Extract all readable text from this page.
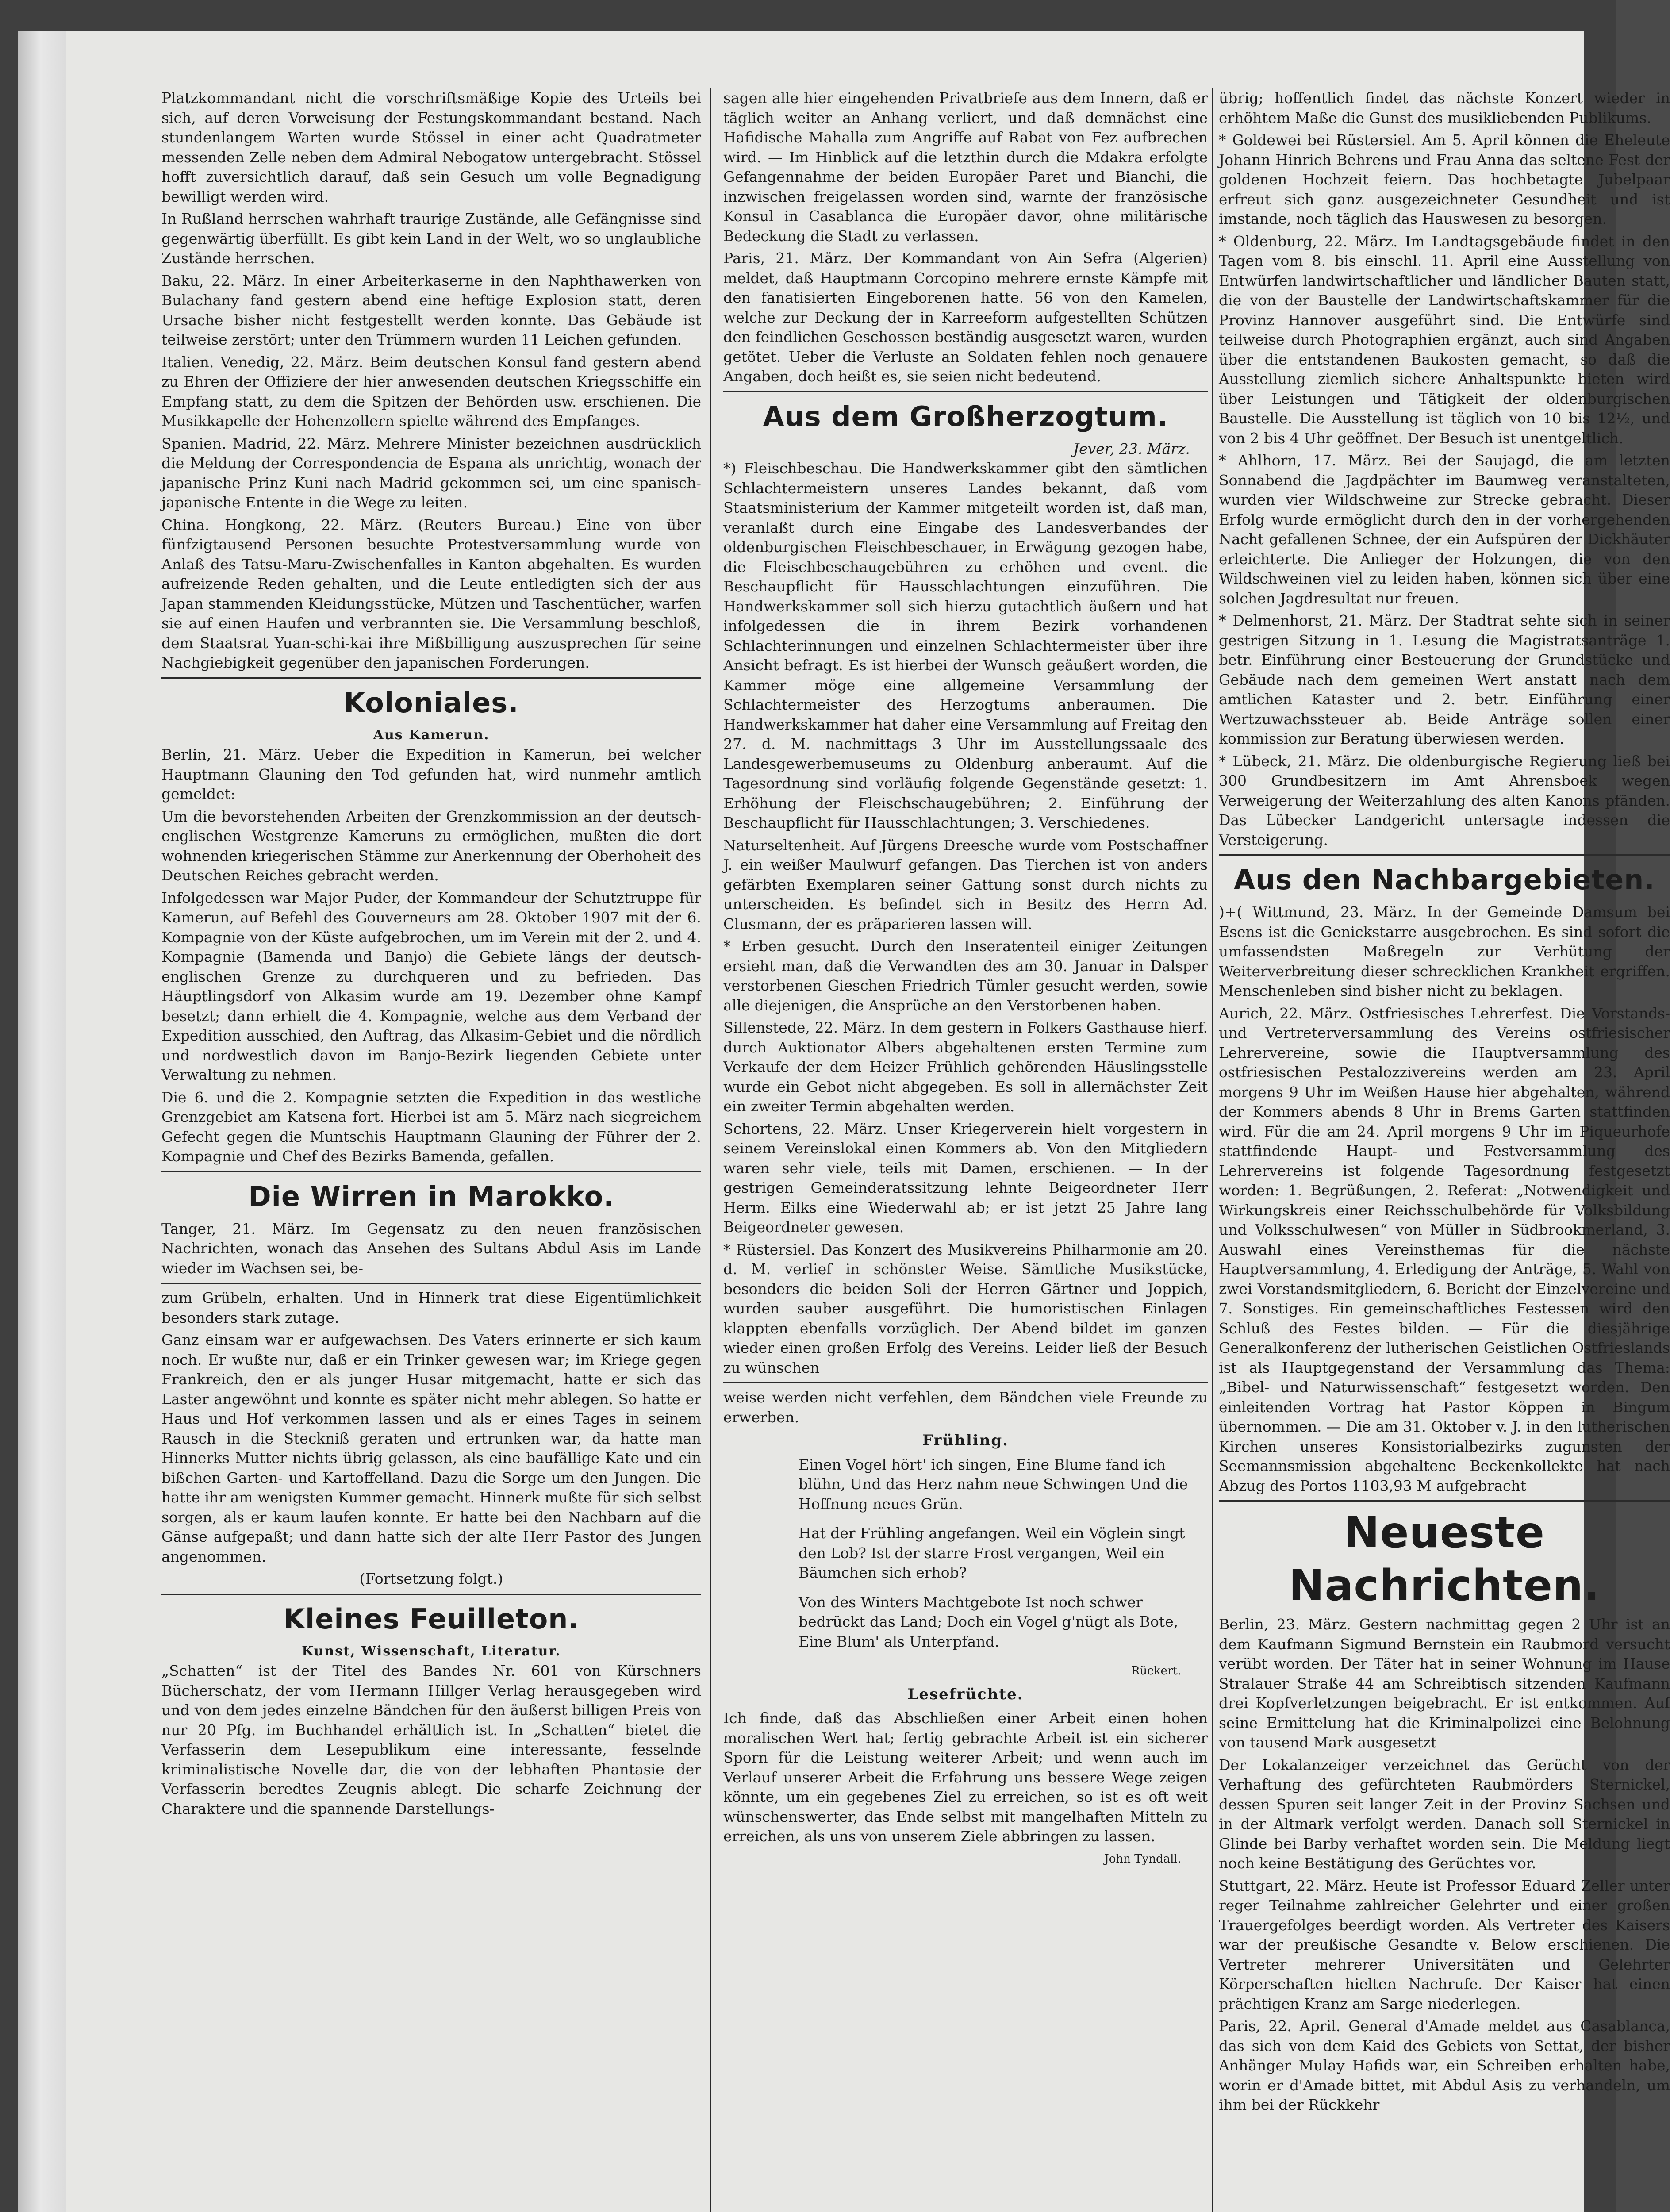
Platzkommandant nicht die vorschriftsmäßige Kopie des Urteils bei sich, auf deren Vorweisung der Festungskommandant bestand. Nach stundenlangem Warten wurde Stössel in einer acht Quadratmeter messenden Zelle neben dem Admiral Nebogatow untergebracht. Stössel hofft zuversichtlich darauf, daß sein Gesuch um volle Begnadigung bewilligt werden wird.

In Rußland herrschen wahrhaft traurige Zustände, alle Gefängnisse sind gegenwärtig überfüllt. Es gibt kein Land in der Welt, wo so unglaubliche Zustände herrschen.

Baku, 22. März. In einer Arbeiterkaserne in den Naphthawerken von Bulachany fand gestern abend eine heftige Explosion statt, deren Ursache bisher nicht festgestellt werden konnte. Das Gebäude ist teilweise zerstört; unter den Trümmern wurden 11 Leichen gefunden.

Italien. Venedig, 22. März. Beim deutschen Konsul fand gestern abend zu Ehren der Offiziere der hier anwesenden deutschen Kriegsschiffe ein Empfang statt, zu dem die Spitzen der Behörden usw. erschienen. Die Musikkapelle der Hohenzollern spielte während des Empfanges.

Spanien. Madrid, 22. März. Mehrere Minister bezeichnen ausdrücklich die Meldung der Correspondencia de Espana als unrichtig, wonach der japanische Prinz Kuni nach Madrid gekommen sei, um eine spanisch-japanische Entente in die Wege zu leiten.

China. Hongkong, 22. März. (Reuters Bureau.) Eine von über fünfzigtausend Personen besuchte Protestversammlung wurde von Anlaß des Tatsu-Maru-Zwischenfalles in Kanton abgehalten. Es wurden aufreizende Reden gehalten, und die Leute entledigten sich der aus Japan stammenden Kleidungsstücke, Mützen und Taschentücher, warfen sie auf einen Haufen und verbrannten sie. Die Versammlung beschloß, dem Staatsrat Yuan-schi-kai ihre Mißbilligung auszusprechen für seine Nachgiebigkeit gegenüber den japanischen Forderungen.

Koloniales.
Aus Kamerun.

Berlin, 21. März. Ueber die Expedition in Kamerun, bei welcher Hauptmann Glauning den Tod gefunden hat, wird nunmehr amtlich gemeldet:

Um die bevorstehenden Arbeiten der Grenzkommission an der deutsch-englischen Westgrenze Kameruns zu ermöglichen, mußten die dort wohnenden kriegerischen Stämme zur Anerkennung der Oberhoheit des Deutschen Reiches gebracht werden.

Infolgedessen war Major Puder, der Kommandeur der Schutztruppe für Kamerun, auf Befehl des Gouverneurs am 28. Oktober 1907 mit der 6. Kompagnie von der Küste aufgebrochen, um im Verein mit der 2. und 4. Kompagnie (Bamenda und Banjo) die Gebiete längs der deutsch-englischen Grenze zu durchqueren und zu befrieden. Das Häuptlingsdorf von Alkasim wurde am 19. Dezember ohne Kampf besetzt; dann erhielt die 4. Kompagnie, welche aus dem Verband der Expedition ausschied, den Auftrag, das Alkasim-Gebiet und die nördlich und nordwestlich davon im Banjo-Bezirk liegenden Gebiete unter Verwaltung zu nehmen.

Die 6. und die 2. Kompagnie setzten die Expedition in das westliche Grenzgebiet am Katsena fort. Hierbei ist am 5. März nach siegreichem Gefecht gegen die Muntschis Hauptmann Glauning der Führer der 2. Kompagnie und Chef des Bezirks Bamenda, gefallen.

Die Wirren in Marokko.

Tanger, 21. März. Im Gegensatz zu den neuen französischen Nachrichten, wonach das Ansehen des Sultans Abdul Asis im Lande wieder im Wachsen sei, be-

zum Grübeln, erhalten. Und in Hinnerk trat diese Eigentümlichkeit besonders stark zutage.

Ganz einsam war er aufgewachsen. Des Vaters erinnerte er sich kaum noch. Er wußte nur, daß er ein Trinker gewesen war; im Kriege gegen Frankreich, den er als junger Husar mitgemacht, hatte er sich das Laster angewöhnt und konnte es später nicht mehr ablegen. So hatte er Haus und Hof verkommen lassen und als er eines Tages in seinem Rausch in die Steckniß geraten und ertrunken war, da hatte man Hinnerks Mutter nichts übrig gelassen, als eine baufällige Kate und ein bißchen Garten- und Kartoffelland. Dazu die Sorge um den Jungen. Die hatte ihr am wenigsten Kummer gemacht. Hinnerk mußte für sich selbst sorgen, als er kaum laufen konnte. Er hatte bei den Nachbarn auf die Gänse aufgepaßt; und dann hatte sich der alte Herr Pastor des Jungen angenommen.

(Fortsetzung folgt.)

Kleines Feuilleton.
Kunst, Wissenschaft, Literatur.

„Schatten“ ist der Titel des Bandes Nr. 601 von Kürschners Bücherschatz, der vom Hermann Hillger Verlag herausgegeben wird und von dem jedes einzelne Bändchen für den äußerst billigen Preis von nur 20 Pfg. im Buchhandel erhältlich ist. In „Schatten“ bietet die Verfasserin dem Lesepublikum eine interessante, fesselnde kriminalistische Novelle dar, die von der lebhaften Phantasie der Verfasserin beredtes Zeugnis ablegt. Die scharfe Zeichnung der Charaktere und die spannende Darstellungs-

sagen alle hier eingehenden Privatbriefe aus dem Innern, daß er täglich weiter an Anhang verliert, und daß demnächst eine Hafidische Mahalla zum Angriffe auf Rabat von Fez aufbrechen wird. — Im Hinblick auf die letzthin durch die Mdakra erfolgte Gefangennahme der beiden Europäer Paret und Bianchi, die inzwischen freigelassen worden sind, warnte der französische Konsul in Casablanca die Europäer davor, ohne militärische Bedeckung die Stadt zu verlassen.

Paris, 21. März. Der Kommandant von Ain Sefra (Algerien) meldet, daß Hauptmann Corcopino mehrere ernste Kämpfe mit den fanatisierten Eingeborenen hatte. 56 von den Kamelen, welche zur Deckung der in Karreeform aufgestellten Schützen den feindlichen Geschossen beständig ausgesetzt waren, wurden getötet. Ueber die Verluste an Soldaten fehlen noch genauere Angaben, doch heißt es, sie seien nicht bedeutend.

Aus dem Großherzogtum.
Jever, 23. März.

*) Fleischbeschau. Die Handwerkskammer gibt den sämtlichen Schlachtermeistern unseres Landes bekannt, daß vom Staatsministerium der Kammer mitgeteilt worden ist, daß man, veranlaßt durch eine Eingabe des Landesverbandes der oldenburgischen Fleischbeschauer, in Erwägung gezogen habe, die Fleischbeschaugebühren zu erhöhen und event. die Beschaupflicht für Hausschlachtungen einzuführen. Die Handwerkskammer soll sich hierzu gutachtlich äußern und hat infolgedessen die in ihrem Bezirk vorhandenen Schlachterinnungen und einzelnen Schlachtermeister über ihre Ansicht befragt. Es ist hierbei der Wunsch geäußert worden, die Kammer möge eine allgemeine Versammlung der Schlachtermeister des Herzogtums anberaumen. Die Handwerkskammer hat daher eine Versammlung auf Freitag den 27. d. M. nachmittags 3 Uhr im Ausstellungssaale des Landesgewerbemuseums zu Oldenburg anberaumt. Auf die Tagesordnung sind vorläufig folgende Gegenstände gesetzt: 1. Erhöhung der Fleischschaugebühren; 2. Einführung der Beschaupflicht für Hausschlachtungen; 3. Verschiedenes.

Naturseltenheit. Auf Jürgens Dreesche wurde vom Postschaffner J. ein weißer Maulwurf gefangen. Das Tierchen ist von anders gefärbten Exemplaren seiner Gattung sonst durch nichts zu unterscheiden. Es befindet sich in Besitz des Herrn Ad. Clusmann, der es präparieren lassen will.

* Erben gesucht. Durch den Inseratenteil einiger Zeitungen ersieht man, daß die Verwandten des am 30. Januar in Dalsper verstorbenen Gieschen Friedrich Tümler gesucht werden, sowie alle diejenigen, die Ansprüche an den Verstorbenen haben.

Sillenstede, 22. März. In dem gestern in Folkers Gasthause hierf. durch Auktionator Albers abgehaltenen ersten Termine zum Verkaufe der dem Heizer Frühlich gehörenden Häuslingsstelle wurde ein Gebot nicht abgegeben. Es soll in allernächster Zeit ein zweiter Termin abgehalten werden.

Schortens, 22. März. Unser Kriegerverein hielt vorgestern in seinem Vereinslokal einen Kommers ab. Von den Mitgliedern waren sehr viele, teils mit Damen, erschienen. — In der gestrigen Gemeinderatssitzung lehnte Beigeordneter Herr Herm. Eilks eine Wiederwahl ab; er ist jetzt 25 Jahre lang Beigeordneter gewesen.

* Rüstersiel. Das Konzert des Musikvereins Philharmonie am 20. d. M. verlief in schönster Weise. Sämtliche Musikstücke, besonders die beiden Soli der Herren Gärtner und Joppich, wurden sauber ausgeführt. Die humoristischen Einlagen klappten ebenfalls vorzüglich. Der Abend bildet im ganzen wieder einen großen Erfolg des Vereins. Leider ließ der Besuch zu wünschen

weise werden nicht verfehlen, dem Bändchen viele Freunde zu erwerben.

Frühling.

Einen Vogel hört' ich singen, Eine Blume fand ich blühn, Und das Herz nahm neue Schwingen Und die Hoffnung neues Grün.

Hat der Frühling angefangen. Weil ein Vöglein singt den Lob? Ist der starre Frost vergangen, Weil ein Bäumchen sich erhob?

Von des Winters Machtgebote Ist noch schwer bedrückt das Land; Doch ein Vogel g'nügt als Bote, Eine Blum' als Unterpfand.

Rückert.
Lesefrüchte.

Ich finde, daß das Abschließen einer Arbeit einen hohen moralischen Wert hat; fertig gebrachte Arbeit ist ein sicherer Sporn für die Leistung weiterer Arbeit; und wenn auch im Verlauf unserer Arbeit die Erfahrung uns bessere Wege zeigen könnte, um ein gegebenes Ziel zu erreichen, so ist es oft weit wünschenswerter, das Ende selbst mit mangelhaften Mitteln zu erreichen, als uns von unserem Ziele abbringen zu lassen.

John Tyndall.

übrig; hoffentlich findet das nächste Konzert wieder in erhöhtem Maße die Gunst des musikliebenden Publikums.

* Goldewei bei Rüstersiel. Am 5. April können die Eheleute Johann Hinrich Behrens und Frau Anna das seltene Fest der goldenen Hochzeit feiern. Das hochbetagte Jubelpaar erfreut sich ganz ausgezeichneter Gesundheit und ist imstande, noch täglich das Hauswesen zu besorgen.

* Oldenburg, 22. März. Im Landtagsgebäude findet in den Tagen vom 8. bis einschl. 11. April eine Ausstellung von Entwürfen landwirtschaftlicher und ländlicher Bauten statt, die von der Baustelle der Landwirtschaftskammer für die Provinz Hannover ausgeführt sind. Die Entwürfe sind teilweise durch Photographien ergänzt, auch sind Angaben über die entstandenen Baukosten gemacht, so daß die Ausstellung ziemlich sichere Anhaltspunkte bieten wird über Leistungen und Tätigkeit der oldenburgischen Baustelle. Die Ausstellung ist täglich von 10 bis 12½, und von 2 bis 4 Uhr geöffnet. Der Besuch ist unentgeltlich.

* Ahlhorn, 17. März. Bei der Saujagd, die am letzten Sonnabend die Jagdpächter im Baumweg veranstalteten, wurden vier Wildschweine zur Strecke gebracht. Dieser Erfolg wurde ermöglicht durch den in der vorhergehenden Nacht gefallenen Schnee, der ein Aufspüren der Dickhäuter erleichterte. Die Anlieger der Holzungen, die von den Wildschweinen viel zu leiden haben, können sich über eine solchen Jagdresultat nur freuen.

* Delmenhorst, 21. März. Der Stadtrat sehte sich in seiner gestrigen Sitzung in 1. Lesung die Magistratsanträge 1. betr. Einführung einer Besteuerung der Grundstücke und Gebäude nach dem gemeinen Wert anstatt nach dem amtlichen Kataster und 2. betr. Einführung einer Wertzuwachssteuer ab. Beide Anträge sollen einer kommission zur Beratung überwiesen werden.

* Lübeck, 21. März. Die oldenburgische Regierung ließ bei 300 Grundbesitzern im Amt Ahrensboek wegen Verweigerung der Weiterzahlung des alten Kanons pfänden. Das Lübecker Landgericht untersagte indessen die Versteigerung.

Aus den Nachbargebieten.

)+( Wittmund, 23. März. In der Gemeinde Damsum bei Esens ist die Genickstarre ausgebrochen. Es sind sofort die umfassendsten Maßregeln zur Verhütung der Weiterverbreitung dieser schrecklichen Krankheit ergriffen. Menschenleben sind bisher nicht zu beklagen.

Aurich, 22. März. Ostfriesisches Lehrerfest. Die Vorstands- und Vertreterversammlung des Vereins ostfriesischer Lehrervereine, sowie die Hauptversammlung des ostfriesischen Pestalozzivereins werden am 23. April morgens 9 Uhr im Weißen Hause hier abgehalten, während der Kommers abends 8 Uhr in Brems Garten stattfinden wird. Für die am 24. April morgens 9 Uhr im Piqueurhofe stattfindende Haupt- und Festversammlung des Lehrervereins ist folgende Tagesordnung festgesetzt worden: 1. Begrüßungen, 2. Referat: „Notwendigkeit und Wirkungskreis einer Reichsschulbehörde für Volksbildung und Volksschulwesen“ von Müller in Südbrookmerland, 3. Auswahl eines Vereinsthemas für die nächste Hauptversammlung, 4. Erledigung der Anträge, 5. Wahl von zwei Vorstandsmitgliedern, 6. Bericht der Einzelvereine und 7. Sonstiges. Ein gemeinschaftliches Festessen wird den Schluß des Festes bilden. — Für die diesjährige Generalkonferenz der lutherischen Geistlichen Ostfrieslands ist als Hauptgegenstand der Versammlung das Thema: „Bibel- und Naturwissenschaft“ festgesetzt worden. Den einleitenden Vortrag hat Pastor Köppen in Bingum übernommen. — Die am 31. Oktober v. J. in den lutherischen Kirchen unseres Konsistorialbezirks zugunsten der Seemannsmission abgehaltene Beckenkollekte hat nach Abzug des Portos 1103,93 M aufgebracht

Neueste Nachrichten.

Berlin, 23. März. Gestern nachmittag gegen 2 Uhr ist an dem Kaufmann Sigmund Bernstein ein Raubmord versucht verübt worden. Der Täter hat in seiner Wohnung im Hause Stralauer Straße 44 am Schreibtisch sitzenden Kaufmann drei Kopfverletzungen beigebracht. Er ist entkommen. Auf seine Ermittelung hat die Kriminalpolizei eine Belohnung von tausend Mark ausgesetzt

Der Lokalanzeiger verzeichnet das Gerücht von der Verhaftung des gefürchteten Raubmörders Sternickel, dessen Spuren seit langer Zeit in der Provinz Sachsen und in der Altmark verfolgt werden. Danach soll Sternickel in Glinde bei Barby verhaftet worden sein. Die Meldung liegt noch keine Bestätigung des Gerüchtes vor.

Stuttgart, 22. März. Heute ist Professor Eduard Zeller unter reger Teilnahme zahlreicher Gelehrter und einer großen Trauergefolges beerdigt worden. Als Vertreter des Kaisers war der preußische Gesandte v. Below erschienen. Die Vertreter mehrerer Universitäten und Gelehrter Körperschaften hielten Nachrufe. Der Kaiser hat einen prächtigen Kranz am Sarge niederlegen.

Paris, 22. April. General d'Amade meldet aus Casablanca, das sich von dem Kaid des Gebiets von Settat, der bisher Anhänger Mulay Hafids war, ein Schreiben erhalten habe, worin er d'Amade bittet, mit Abdul Asis zu verhandeln, um ihm bei der Rückkehr
